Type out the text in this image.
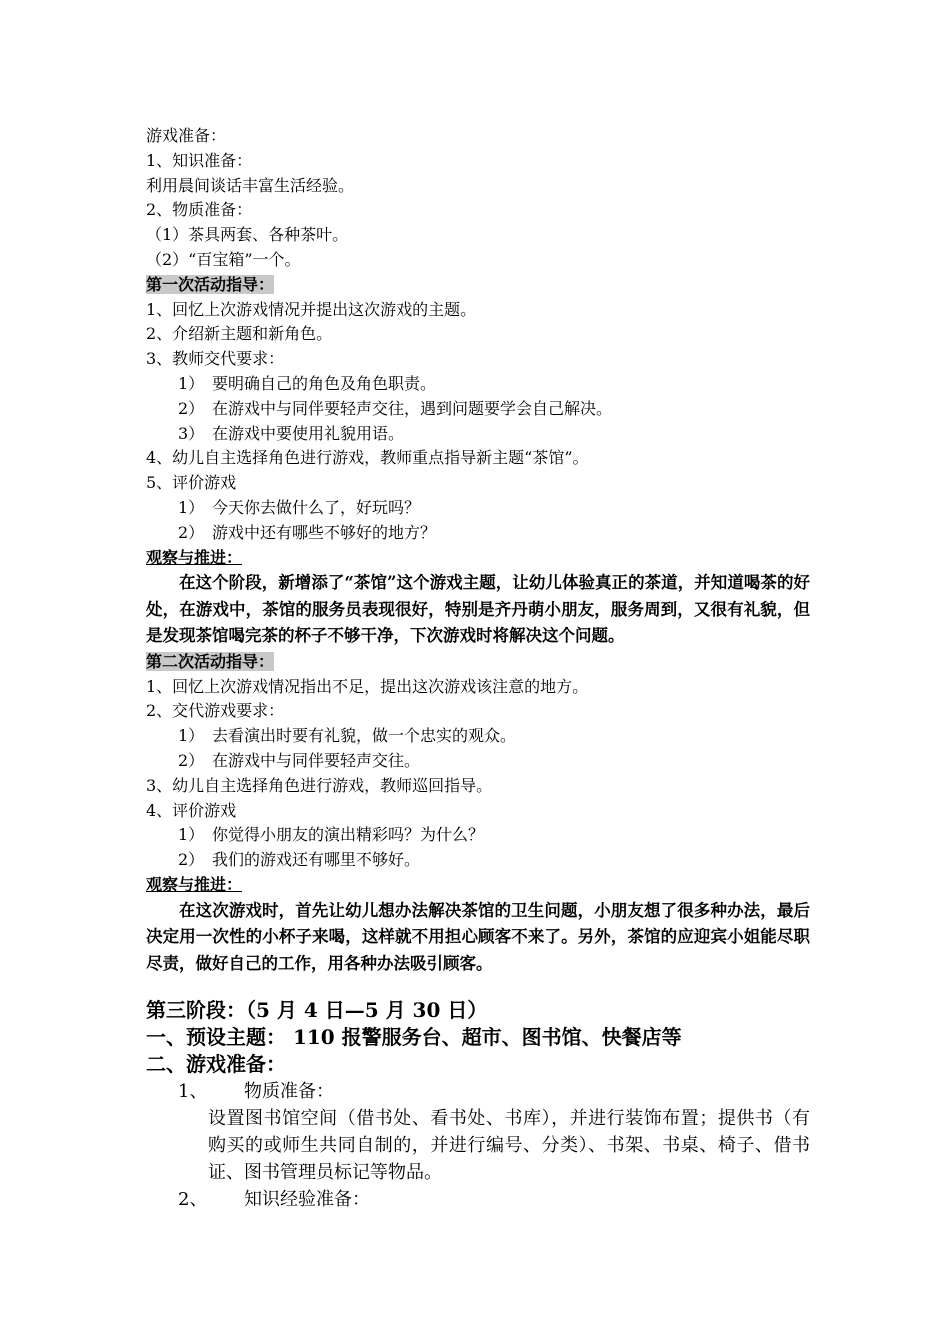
游戏准备：
1、知识准备：
利用晨间谈话丰富生活经验。
2、物质准备：
（1）茶具两套、各种茶叶。
（2）“百宝箱”一个。
第一次活动指导：
1、回忆上次游戏情况并提出这次游戏的主题。
2、介绍新主题和新角色。
3、教师交代要求：
1） 要明确自己的角色及角色职责。
2） 在游戏中与同伴要轻声交往，遇到问题要学会自己解决。
3） 在游戏中要使用礼貌用语。
4、幼儿自主选择角色进行游戏，教师重点指导新主题“茶馆”。
5、评价游戏
1） 今天你去做什么了，好玩吗？
2） 游戏中还有哪些不够好的地方？
观察与推进：

在这个阶段，新增添了“茶馆”这个游戏主题，让幼儿体验真正的茶道，并知道喝茶的好处，在游戏中，茶馆的服务员表现很好，特别是齐丹萌小朋友，服务周到，又很有礼貌，但是发现茶馆喝完茶的杯子不够干净，下次游戏时将解决这个问题。

第二次活动指导：
1、回忆上次游戏情况指出不足，提出这次游戏该注意的地方。
2、交代游戏要求：
1） 去看演出时要有礼貌，做一个忠实的观众。
2） 在游戏中与同伴要轻声交往。
3、幼儿自主选择角色进行游戏，教师巡回指导。
4、评价游戏
1） 你觉得小朋友的演出精彩吗？为什么？
2） 我们的游戏还有哪里不够好。
观察与推进：

在这次游戏时，首先让幼儿想办法解决茶馆的卫生问题，小朋友想了很多种办法，最后决定用一次性的小杯子来喝，这样就不用担心顾客不来了。另外，茶馆的应迎宾小姐能尽职尽责，做好自己的工作，用各种办法吸引顾客。

第三阶段：（5 月 4 日—5 月 30 日）
一、预设主题： 110 报警服务台、超市、图书馆、快餐店等
二、游戏准备：
1、 物质准备：

设置图书馆空间（借书处、看书处、书库），并进行装饰布置；提供书（有购买的或师生共同自制的，并进行编号、分类）、书架、书桌、椅子、借书证、图书管理员标记等物品。

2、 知识经验准备：
